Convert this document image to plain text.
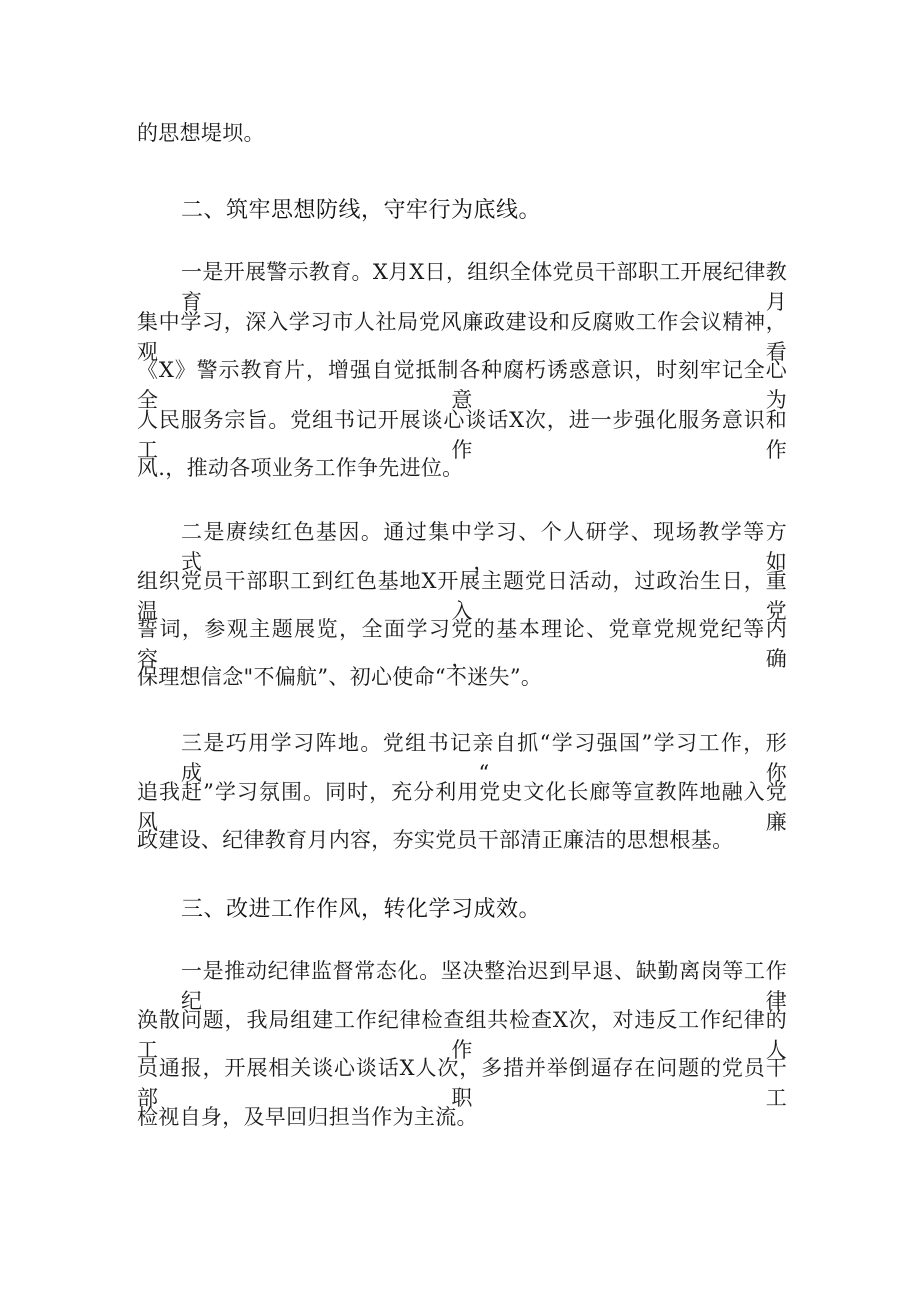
的思想堤坝。
二、筑牢思想防线，守牢行为底线。
一是开展警示教育。X月X日，组织全体党员干部职工开展纪律教育月
集中学习，深入学习市人社局党风廉政建设和反腐败工作会议精神，观看
《X》警示教育片，增强自觉抵制各种腐朽诱惑意识，时刻牢记全心全意为
人民服务宗旨。党组书记开展谈心谈话X次，进一步强化服务意识和工作作
风.，推动各项业务工作争先进位。
二是赓续红色基因。通过集中学习、个人研学、现场教学等方式，如
组织党员干部职工到红色基地X开展主题党日活动，过政治生日，重温入党
誓词，参观主题展览，全面学习党的基本理论、党章党规党纪等内容，确
保理想信念"不偏航”、初心使命“不迷失”。
三是巧用学习阵地。党组书记亲自抓“学习强国”学习工作，形成“你
追我赶”学习氛围。同时，充分利用党史文化长廊等宣教阵地融入党风廉
政建设、纪律教育月内容，夯实党员干部清正廉洁的思想根基。
三、改进工作作风，转化学习成效。
一是推动纪律监督常态化。坚决整治迟到早退、缺勤离岗等工作纪律
涣散问题，我局组建工作纪律检查组共检查X次，对违反工作纪律的工作人
员通报，开展相关谈心谈话X人次，多措并举倒逼存在问题的党员干部职工
检视自身，及早回归担当作为主流。
